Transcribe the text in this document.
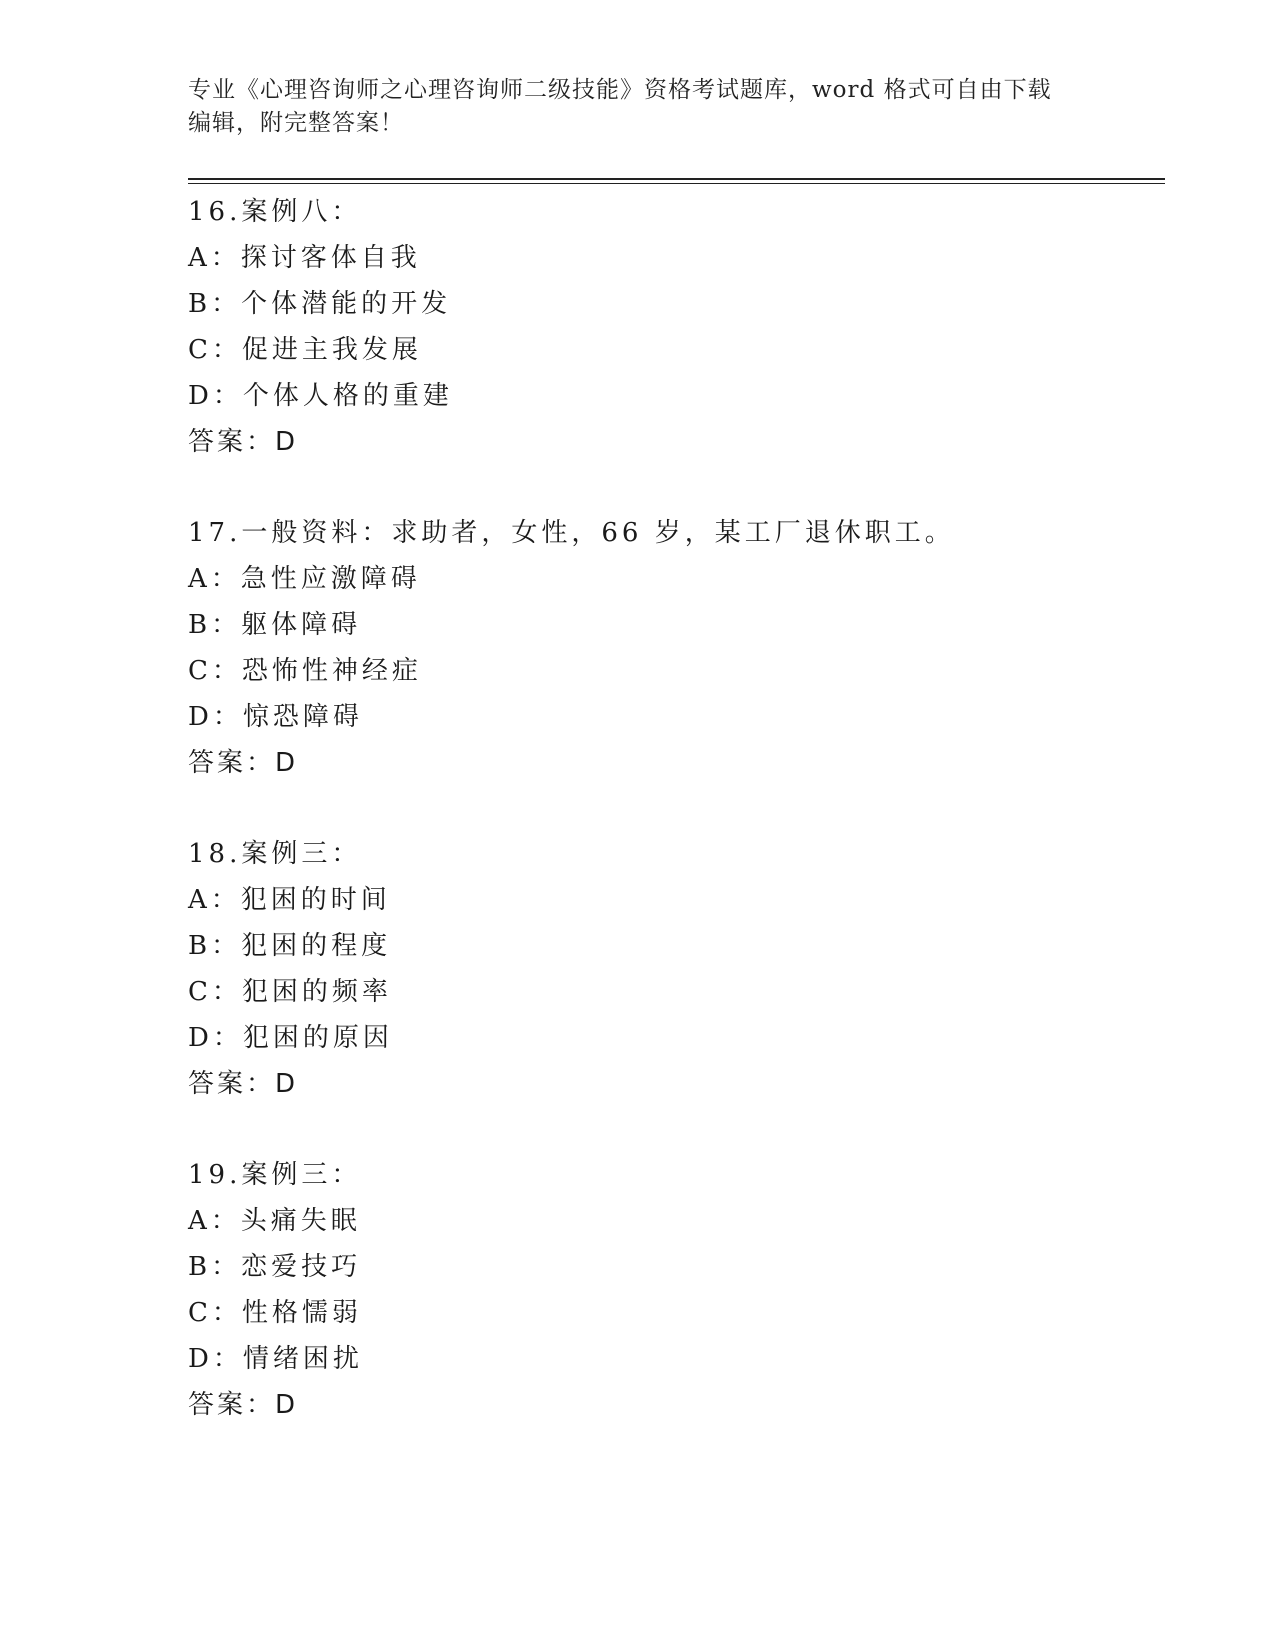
专业《心理咨询师之心理咨询师二级技能》资格考试题库，word 格式可自由下载
编辑，附完整答案！
16.案例八：
A：探讨客体自我
B：个体潜能的开发
C：促进主我发展
D：个体人格的重建
答案：D
17.一般资料：求助者，女性，66 岁，某工厂退休职工。
A：急性应激障碍
B：躯体障碍
C：恐怖性神经症
D：惊恐障碍
答案：D
18.案例三：
A：犯困的时间
B：犯困的程度
C：犯困的频率
D：犯困的原因
答案：D
19.案例三：
A：头痛失眠
B：恋爱技巧
C：性格懦弱
D：情绪困扰
答案：D
